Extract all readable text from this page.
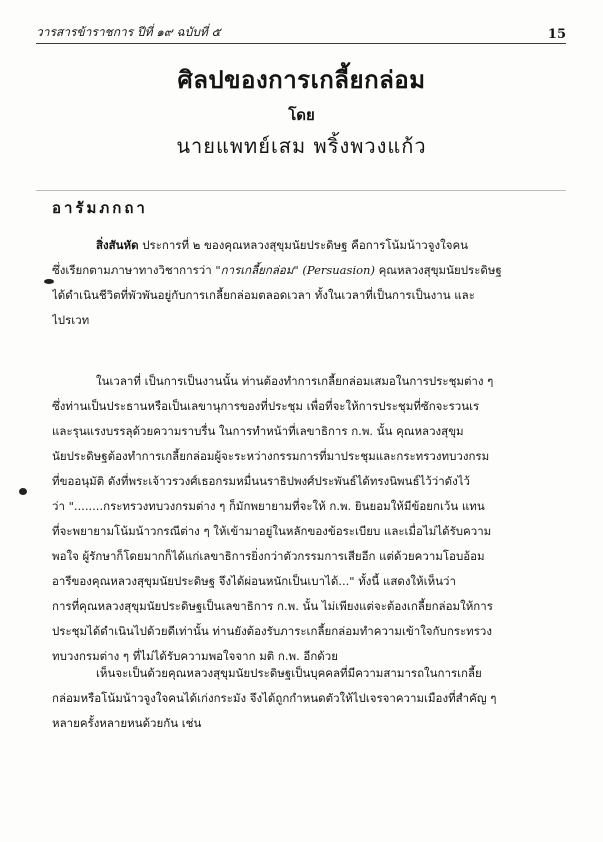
วารสารข้าราชการ ปีที่ ๑๙ ฉบับที่ ๕	15
ศิลปของการเกลี้ยกล่อม
โดย
นายแพทย์เสม พริ้งพวงแก้ว
อารัมภกถา
สิ่งสันหัด ประการที่ ๒ ของคุณหลวงสุขุมนัยประดิษฐ คือการโน้มน้าวจูงใจคน
ซึ่งเรียกตามภาษาทางวิชาการว่า "การเกลี้ยกล่อม" (Persuasion) คุณหลวงสุขุมนัยประดิษฐ
ได้ดำเนินชีวิตที่พัวพันอยู่กับการเกลี้ยกล่อมตลอดเวลา ทั้งในเวลาที่เป็นการเป็นงาน และ
ไปรเวท
ในเวลาที่ เป็นการเป็นงานนั้น ท่านต้องทำการเกลี้ยกล่อมเสมอในการประชุมต่าง ๆ
ซึ่งท่านเป็นประธานหรือเป็นเลขานุการของที่ประชุม เพื่อที่จะให้การประชุมที่ซักจะรวนเร
และรุนแรงบรรลุด้วยความราบรื่น ในการทำหน้าที่เลขาธิการ ก.พ. นั้น คุณหลวงสุขุม
นัยประดิษฐต้องทำการเกลี้ยกล่อมผู้จะระหว่างกรรมการที่มาประชุมและกระทรวงทบวงกรม
ที่ขออนุมัติ ดังที่พระเจ้าวรวงศ์เธอกรมหมื่นนราธิปพงศ์ประพันธ์ได้ทรงนิพนธ์ไว้ว่าดังไว้
ว่า "........กระทรวงทบวงกรมต่าง ๆ ก็มักพยายามที่จะให้ ก.พ. ยินยอมให้มีข้อยกเว้น แทน
ที่จะพยายามโน้มน้าวกรณีต่าง ๆ ให้เข้ามาอยู่ในหลักของข้อระเบียบ และเมื่อไม่ได้รับความ
พอใจ ผู้รักษาก็โดยมากก็ได้แก่เลขาธิการยิ่งกว่าตัวกรรมการเสียอีก แต่ด้วยความโอบอ้อม
อารีของคุณหลวงสุขุมนัยประดิษฐ จึงได้ผ่อนหนักเป็นเบาได้..." ทั้งนี้ แสดงให้เห็นว่า
การที่คุณหลวงสุขุมนัยประดิษฐเป็นเลขาธิการ ก.พ. นั้น ไม่เพียงแต่จะต้องเกลี้ยกล่อมให้การ
ประชุมได้ดำเนินไปด้วยดีเท่านั้น ท่านยังต้องรับภาระเกลี้ยกล่อมทำความเข้าใจกับกระทรวง
ทบวงกรมต่าง ๆ ที่ไม่ได้รับความพอใจจาก มติ ก.พ. อีกด้วย
เห็นจะเป็นด้วยคุณหลวงสุขุมนัยประดิษฐเป็นบุคคลที่มีความสามารถในการเกลี้ย
กล่อมหรือโน้มน้าวจูงใจคนได้เก่งกระมัง จึงได้ถูกกำหนดตัวให้ไปเจรจาความเมืองที่สำคัญ ๆ
หลายครั้งหลายหนด้วยกัน เช่น
